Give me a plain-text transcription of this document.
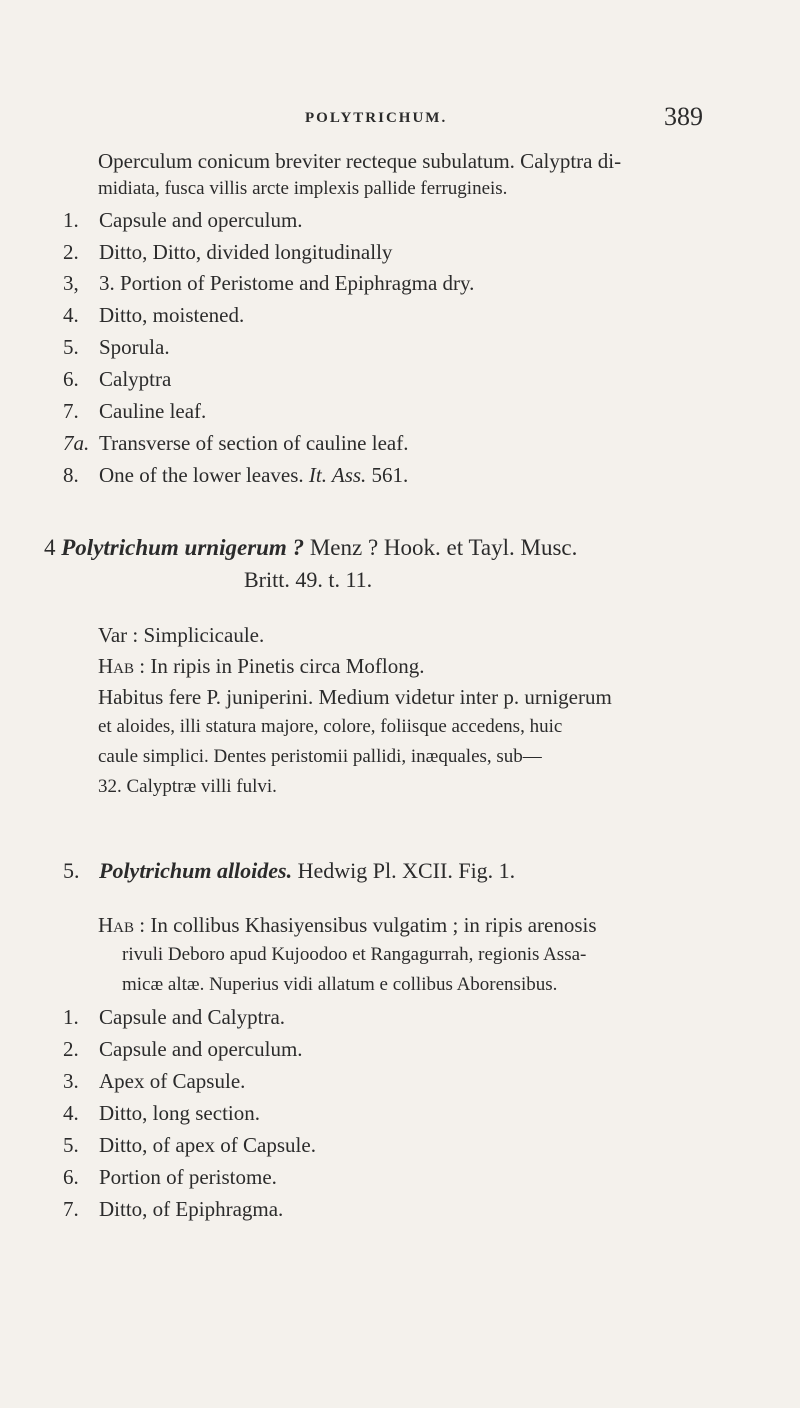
POLYTRICHUM.	389
Operculum conicum breviter recteque subulatum. Calyptra di-
midiata, fusca villis arcte implexis pallide ferrugineis.
1. Capsule and operculum.
2. Ditto, Ditto, divided longitudinally
3, 3. Portion of Peristome and Epiphragma dry.
4. Ditto, moistened.
5. Sporula.
6. Calyptra
7. Cauline leaf.
7a. Transverse of section of cauline leaf.
8. One of the lower leaves. It. Ass. 561.
4 Polytrichum urnigerum ? Menz ? Hook. et Tayl. Musc.
Britt. 49. t. 11.
Var : Simplicicaule.
Hab : In ripis in Pinetis circa Moflong.
Habitus fere P. juniperini. Medium videtur inter p. urnigerum
et aloides, illi statura majore, colore, foliisque accedens, huic
caule simplici. Dentes peristomii pallidi, inæquales, sub—
32. Calyptræ villi fulvi.
5. Polytrichum alloides. Hedwig Pl. XCII. Fig. 1.
Hab : In collibus Khasiyensibus vulgatim ; in ripis arenosis
rivuli Deboro apud Kujoodoo et Rangagurrah, regionis Assa-
micæ altæ. Nuperius vidi allatum e collibus Aborensibus.
1. Capsule and Calyptra.
2. Capsule and operculum.
3. Apex of Capsule.
4. Ditto, long section.
5. Ditto, of apex of Capsule.
6. Portion of peristome.
7. Ditto, of Epiphragma.
